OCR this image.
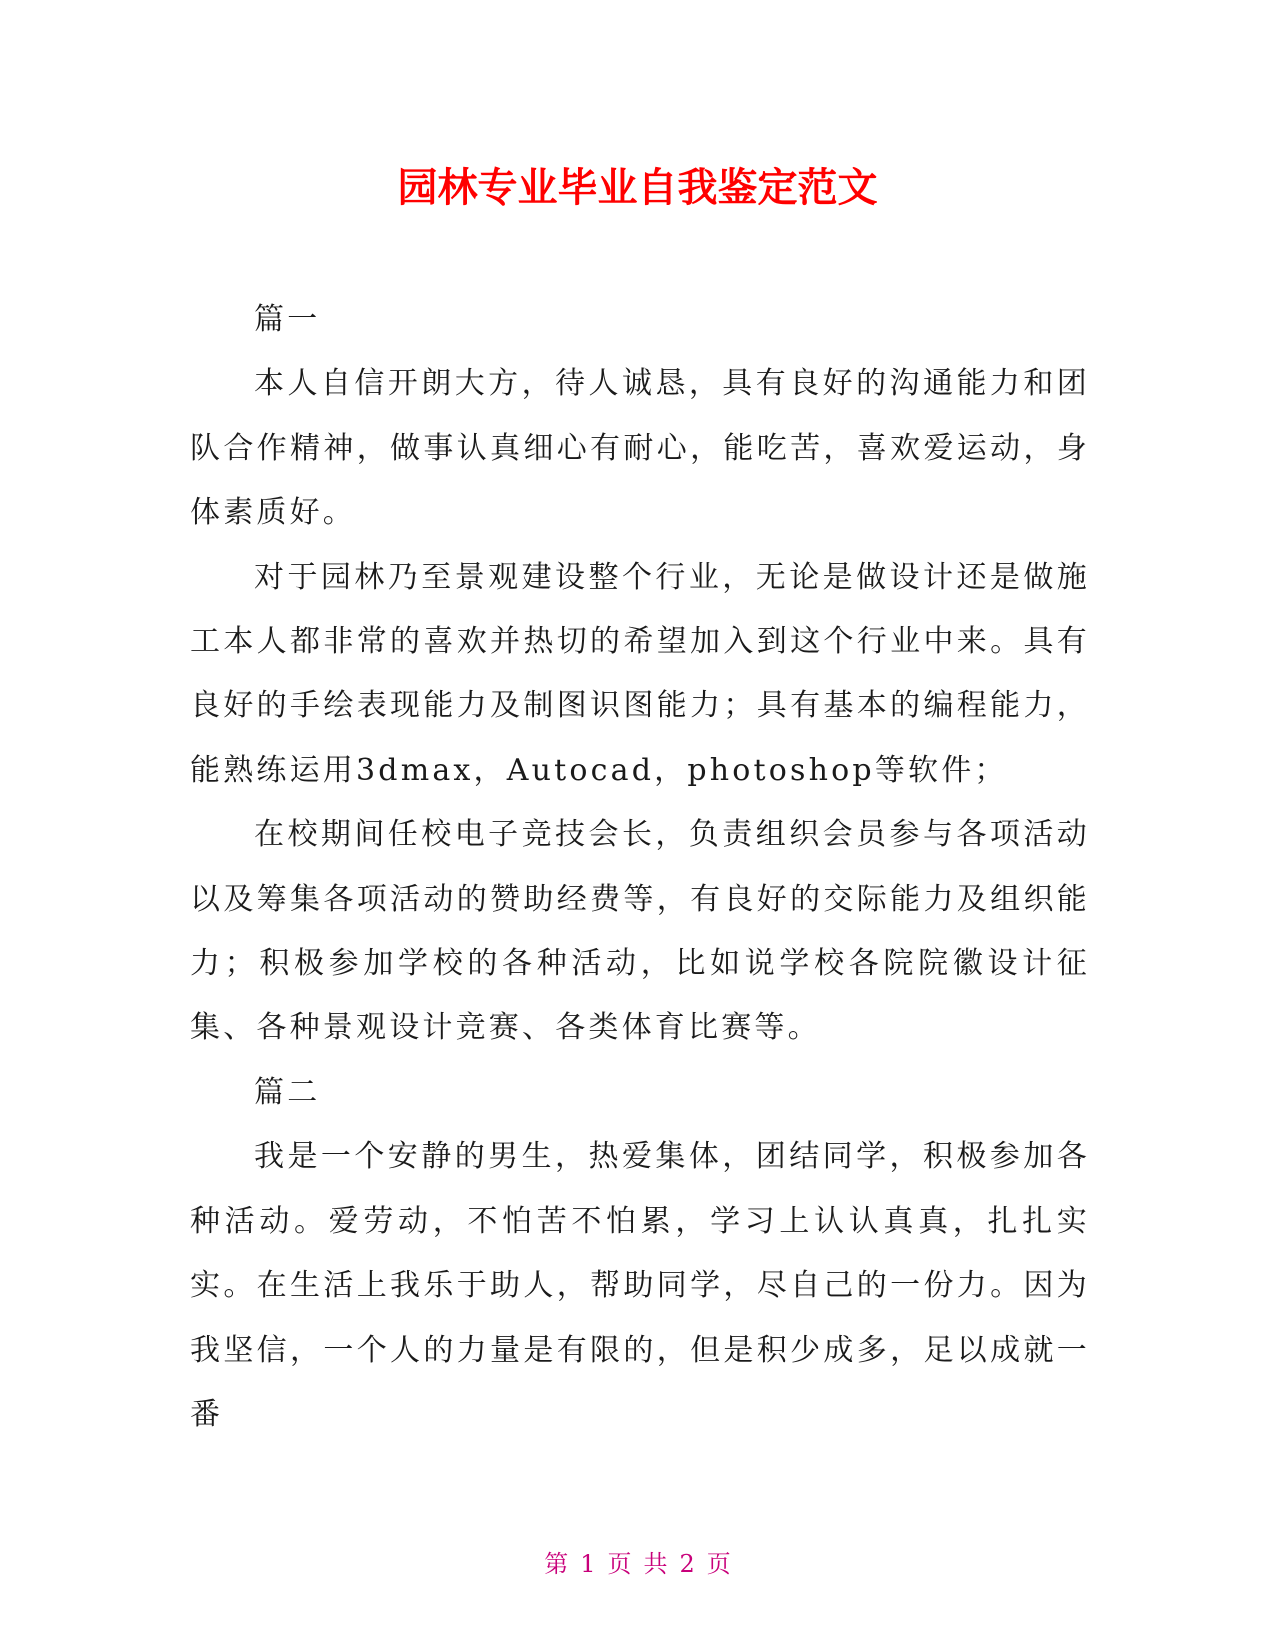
园林专业毕业自我鉴定范文

篇一

本人自信开朗大方，待人诚恳，具有良好的沟通能力和团队合作精神，做事认真细心有耐心，能吃苦，喜欢爱运动，身体素质好。

对于园林乃至景观建设整个行业，无论是做设计还是做施工本人都非常的喜欢并热切的希望加入到这个行业中来。具有良好的手绘表现能力及制图识图能力；具有基本的编程能力，能熟练运用3dmax，Autocad，photoshop等软件；

在校期间任校电子竞技会长，负责组织会员参与各项活动以及筹集各项活动的赞助经费等，有良好的交际能力及组织能力；积极参加学校的各种活动，比如说学校各院院徽设计征集、各种景观设计竞赛、各类体育比赛等。

篇二

我是一个安静的男生，热爱集体，团结同学，积极参加各种活动。爱劳动，不怕苦不怕累，学习上认认真真，扎扎实实。在生活上我乐于助人，帮助同学，尽自己的一份力。因为我坚信，一个人的力量是有限的，但是积少成多，足以成就一番

第 1 页 共 2 页
